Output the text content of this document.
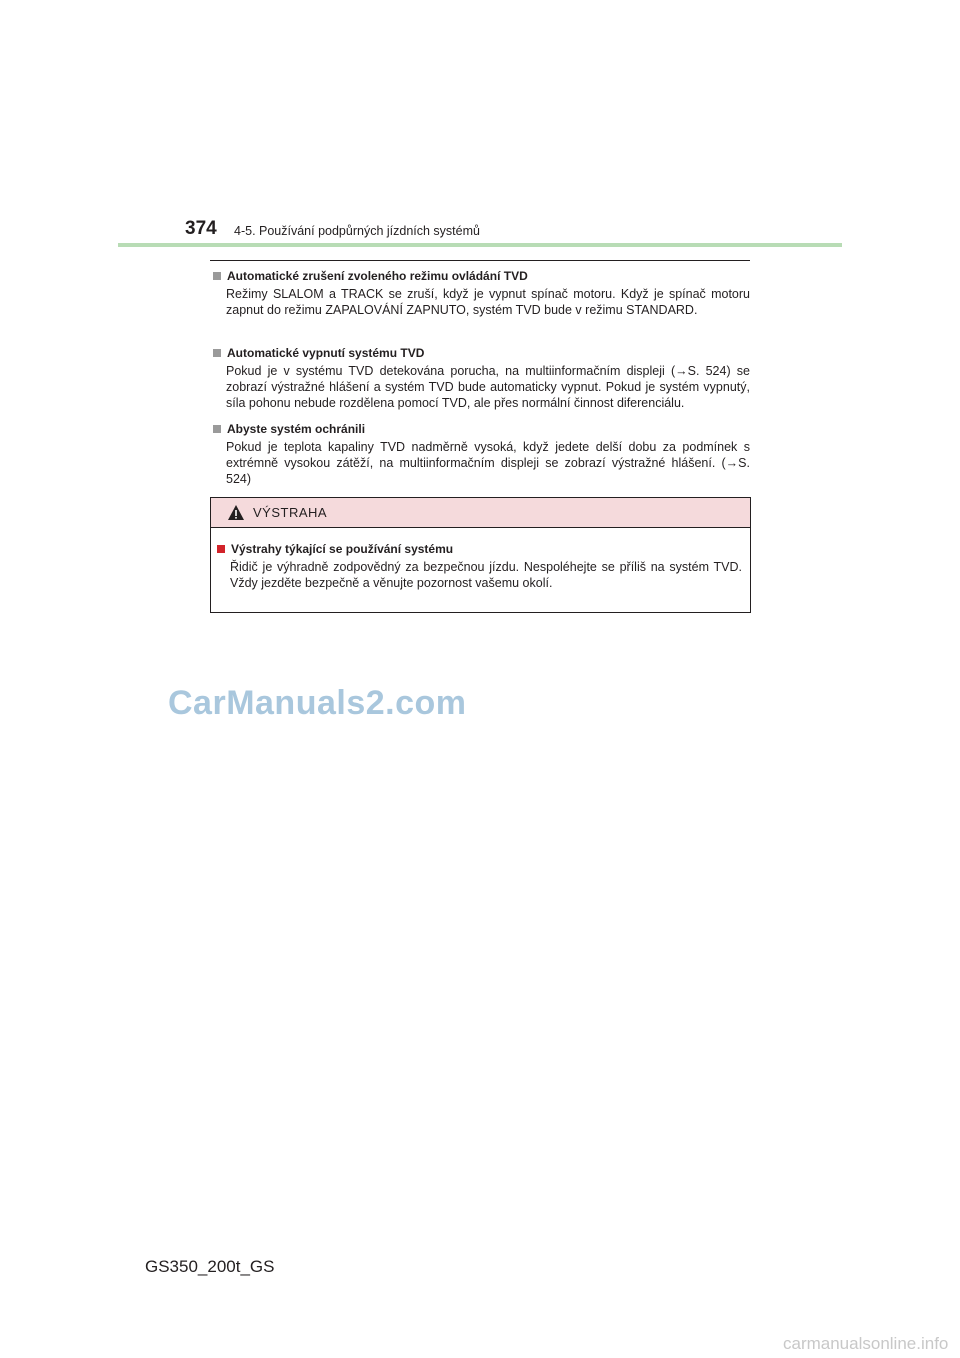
374 4-5. Používání podpůrných jízdních systémů
Automatické zrušení zvoleného režimu ovládání TVD
Režimy SLALOM a TRACK se zruší, když je vypnut spínač motoru. Když je spínač motoru zapnut do režimu ZAPALOVÁNÍ ZAPNUTO, systém TVD bude v režimu STANDARD.
Automatické vypnutí systému TVD
Pokud je v systému TVD detekována porucha, na multiinformačním displeji (→S. 524) se zobrazí výstražné hlášení a systém TVD bude automaticky vypnut. Pokud je systém vypnutý, síla pohonu nebude rozdělena pomocí TVD, ale přes normální činnost diferenciálu.
Abyste systém ochránili
Pokud je teplota kapaliny TVD nadměrně vysoká, když jedete delší dobu za podmínek s extrémně vysokou zátěží, na multiinformačním displeji se zobrazí výstražné hlášení. (→S. 524)
VÝSTRAHA
Výstrahy týkající se používání systému
Řidič je výhradně zodpovědný za bezpečnou jízdu. Nespoléhejte se příliš na systém TVD. Vždy jezděte bezpečně a věnujte pozornost vašemu okolí.
CarManuals2.com
GS350_200t_GS
carmanualsonline.info
